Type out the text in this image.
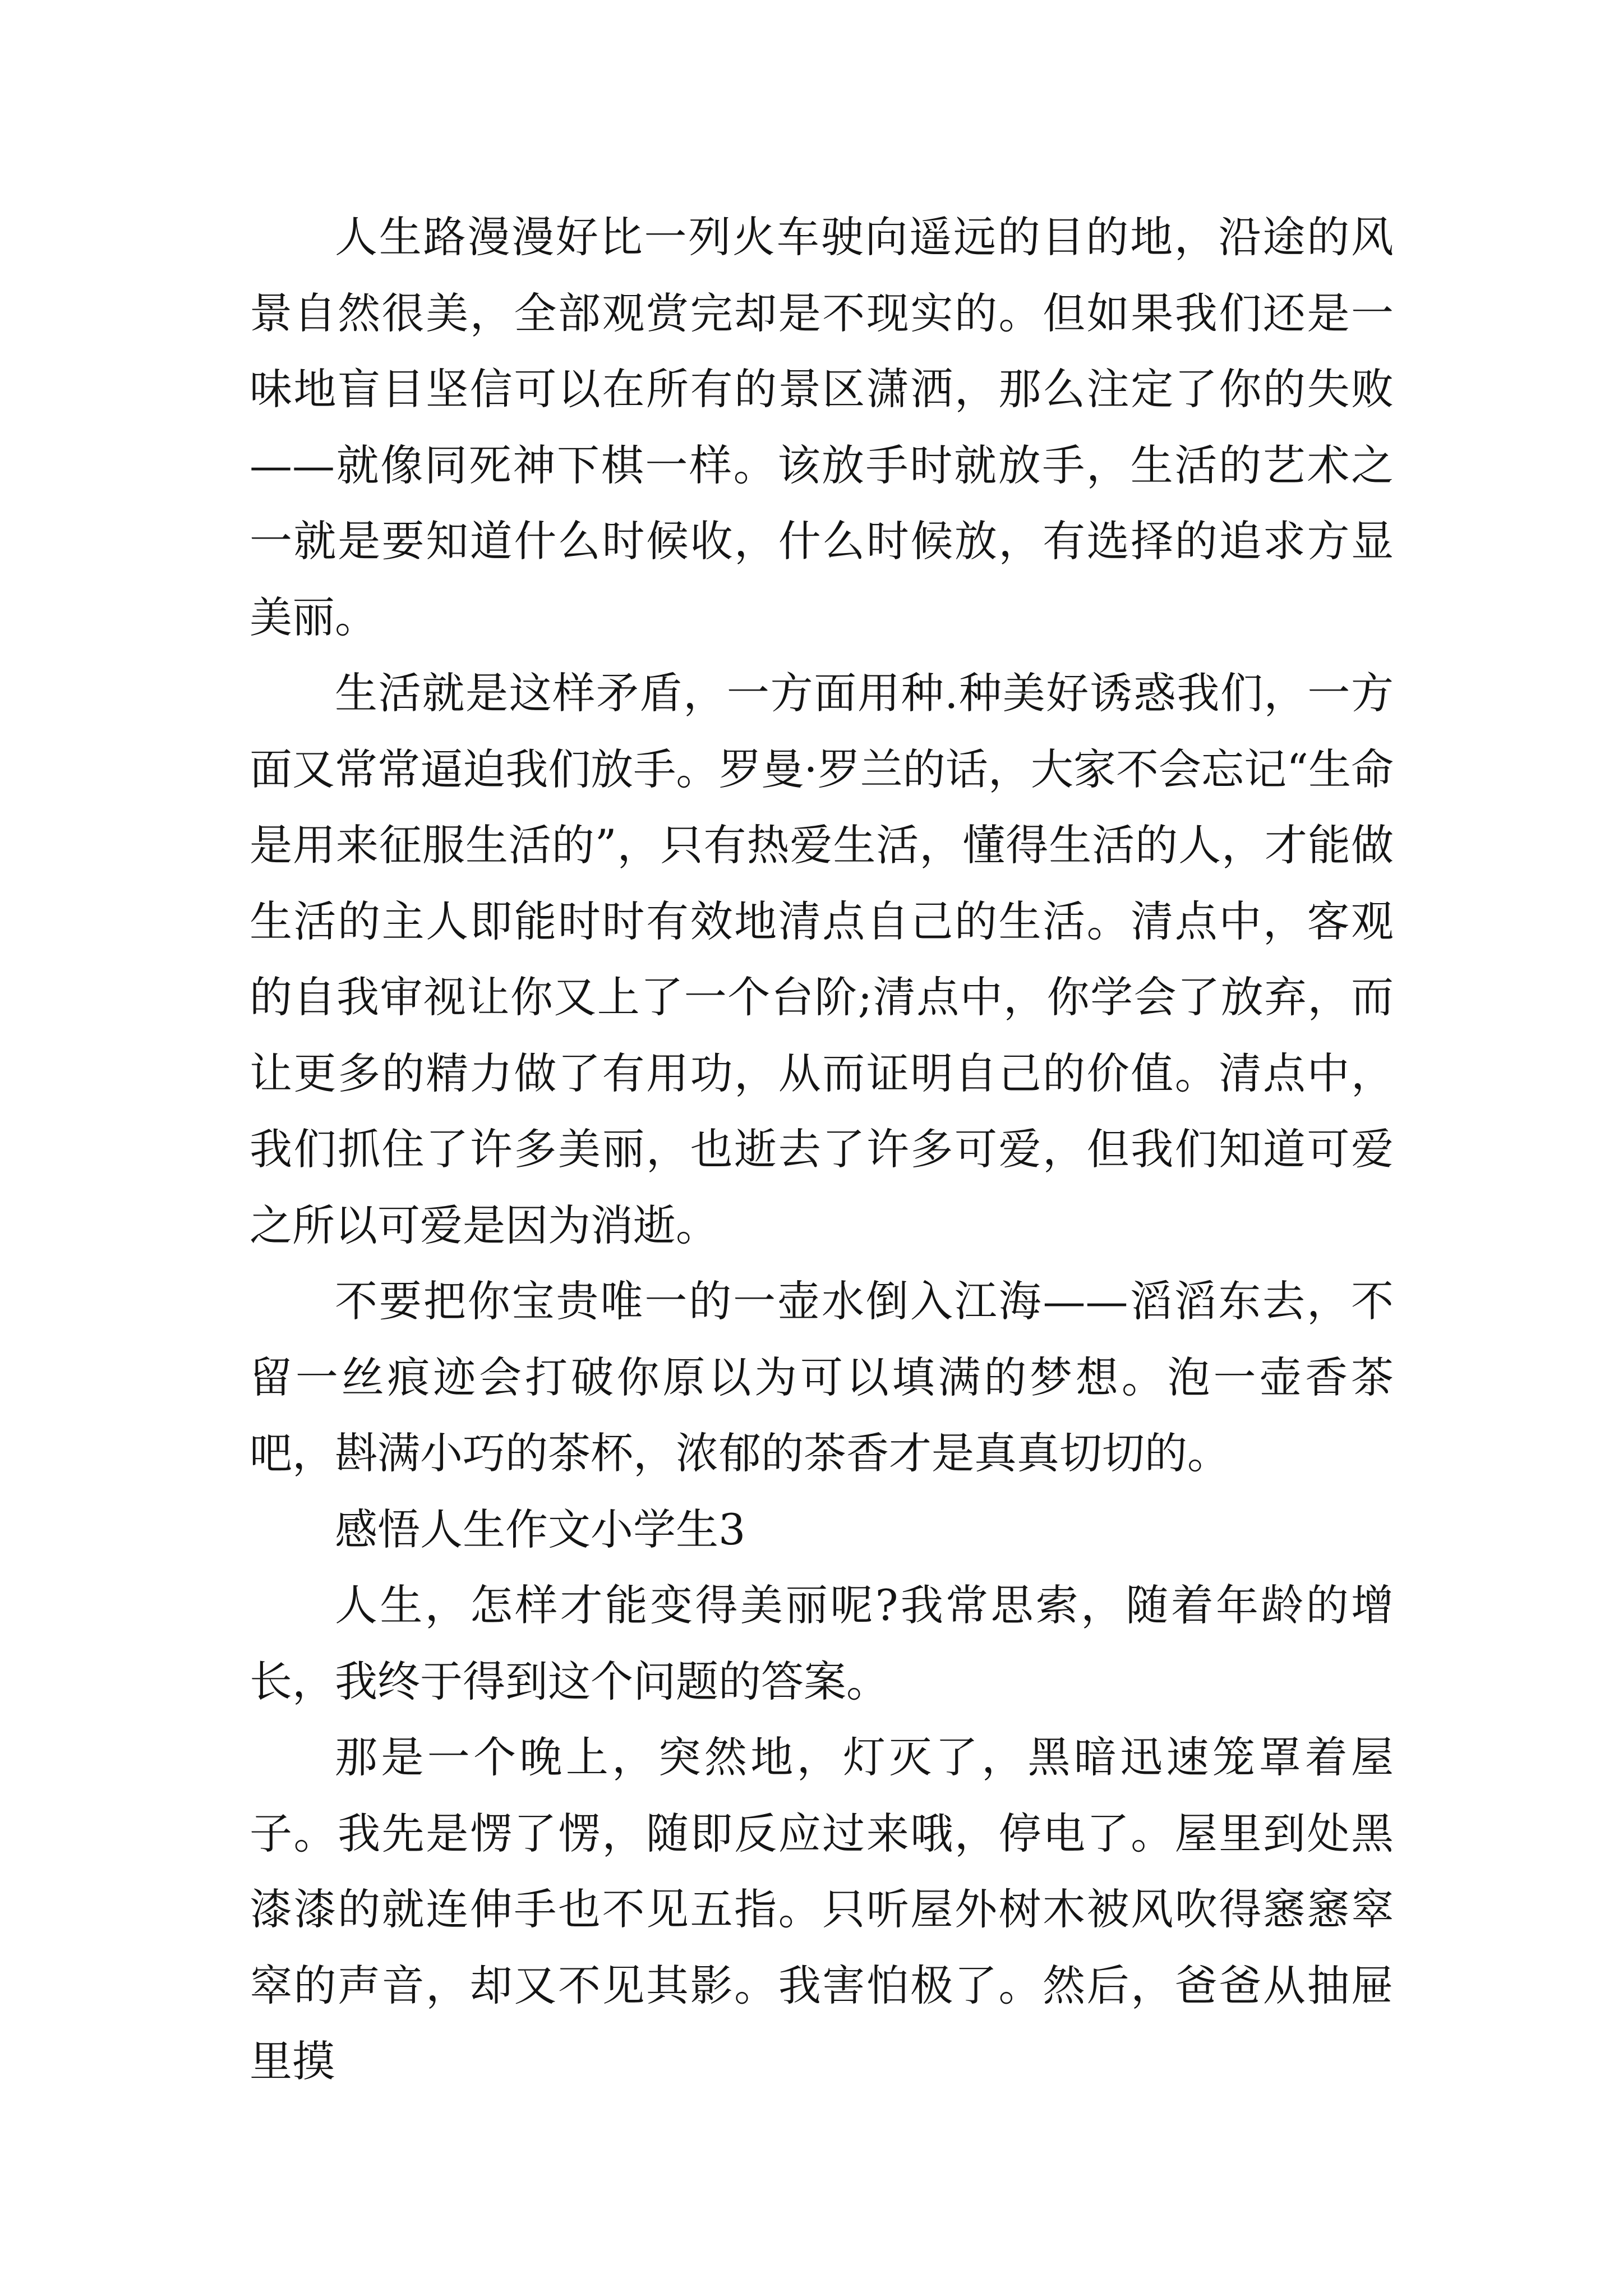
人生路漫漫好比一列火车驶向遥远的目的地，沿途的风景自然很美，全部观赏完却是不现实的。但如果我们还是一味地盲目坚信可以在所有的景区潇洒，那么注定了你的失败——就像同死神下棋一样。该放手时就放手，生活的艺术之一就是要知道什么时候收，什么时候放，有选择的追求方显美丽。

生活就是这样矛盾，一方面用种.种美好诱惑我们，一方面又常常逼迫我们放手。罗曼·罗兰的话，大家不会忘记“生命是用来征服生活的”，只有热爱生活，懂得生活的人，才能做生活的主人即能时时有效地清点自己的生活。清点中，客观的自我审视让你又上了一个台阶;清点中，你学会了放弃，而让更多的精力做了有用功，从而证明自己的价值。清点中，我们抓住了许多美丽，也逝去了许多可爱，但我们知道可爱之所以可爱是因为消逝。

不要把你宝贵唯一的一壶水倒入江海——滔滔东去，不留一丝痕迹会打破你原以为可以填满的梦想。泡一壶香茶吧，斟满小巧的茶杯，浓郁的茶香才是真真切切的。

感悟人生作文小学生3

人生，怎样才能变得美丽呢?我常思索，随着年龄的增长，我终于得到这个问题的答案。

那是一个晚上，突然地，灯灭了，黑暗迅速笼罩着屋子。我先是愣了愣，随即反应过来哦，停电了。屋里到处黑漆漆的就连伸手也不见五指。只听屋外树木被风吹得窸窸窣窣的声音，却又不见其影。我害怕极了。然后，爸爸从抽屉里摸
